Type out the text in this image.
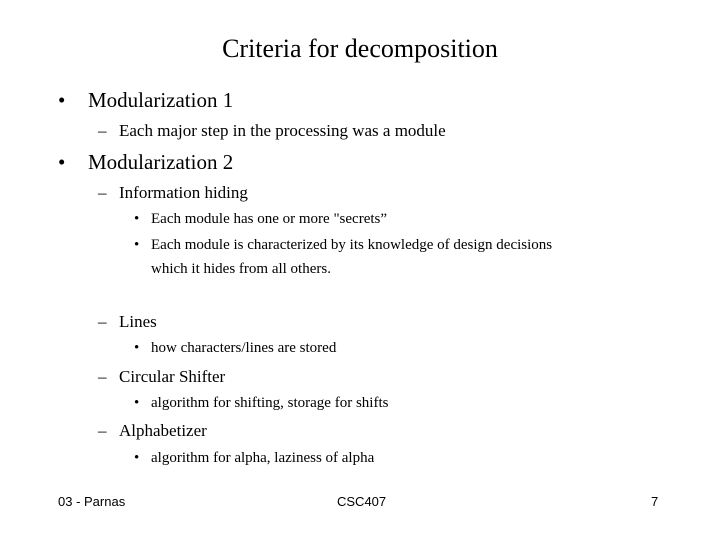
Criteria for decomposition
• Modularization 1
– Each major step in the processing was a module
• Modularization 2
– Information hiding
• Each module has one or more "secrets”
• Each module is characterized by its knowledge of design decisions
which it hides from all others.
– Lines
• how characters/lines are stored
– Circular Shifter
• algorithm for shifting, storage for shifts
– Alphabetizer
• algorithm for alpha, laziness of alpha
03 - Parnas	CSC407	7
